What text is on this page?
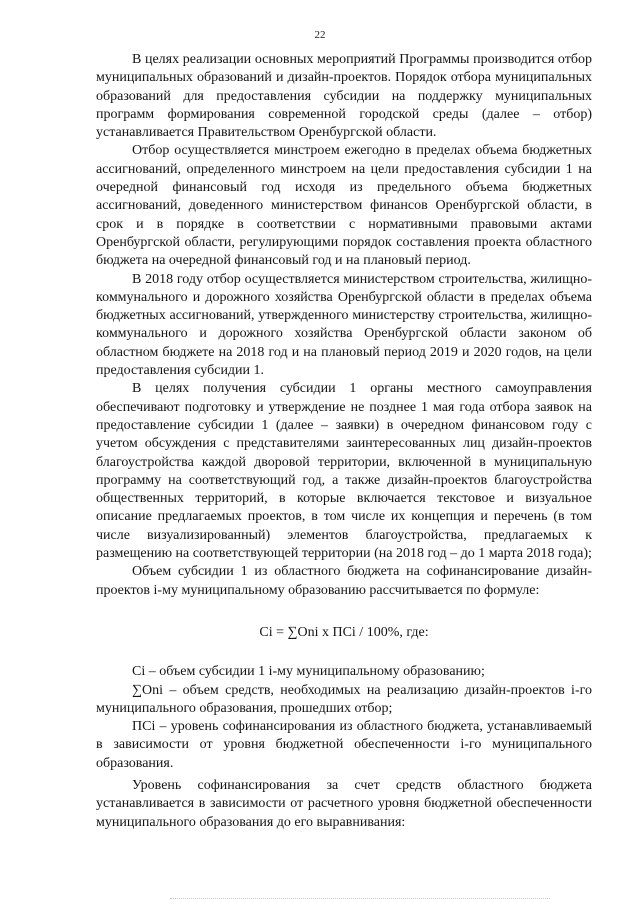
22

В целях реализации основных мероприятий Программы производится отбор муниципальных образований и дизайн-проектов. Порядок отбора муниципальных образований для предоставления субсидии на поддержку муниципальных программ формирования современной городской среды (далее – отбор) устанавливается Правительством Оренбургской области.

Отбор осуществляется минстроем ежегодно в пределах объема бюджетных ассигнований, определенного минстроем на цели предоставления субсидии 1 на очередной финансовый год исходя из предельного объема бюджетных ассигнований, доведенного министерством финансов Оренбургской области, в срок и в порядке в соответствии с нормативными правовыми актами Оренбургской области, регулирующими порядок составления проекта областного бюджета на очередной финансовый год и на плановый период.

В 2018 году отбор осуществляется министерством строительства, жилищно-коммунального и дорожного хозяйства Оренбургской области в пределах объема бюджетных ассигнований, утвержденного министерству строительства, жилищно-коммунального и дорожного хозяйства Оренбургской области законом об областном бюджете на 2018 год и на плановый период 2019 и 2020 годов, на цели предоставления субсидии 1.

В целях получения субсидии 1 органы местного самоуправления обеспечивают подготовку и утверждение не позднее 1 мая года отбора заявок на предоставление субсидии 1 (далее – заявки) в очередном финансовом году с учетом обсуждения с представителями заинтересованных лиц дизайн-проектов благоустройства каждой дворовой территории, включенной в муниципальную программу на соответствующий год, а также дизайн-проектов благоустройства общественных территорий, в которые включается текстовое и визуальное описание предлагаемых проектов, в том числе их концепция и перечень (в том числе визуализированный) элементов благоустройства, предлагаемых к размещению на соответствующей территории (на 2018 год – до 1 марта 2018 года);

Объем субсидии 1 из областного бюджета на софинансирование дизайн-проектов i-му муниципальному образованию рассчитывается по формуле:

Ci = ∑Oni x ПCi / 100%, где:

Ci – объем субсидии 1 i-му муниципальному образованию;

∑Oni – объем средств, необходимых на реализацию дизайн-проектов i-го муниципального образования, прошедших отбор;

ПСi – уровень софинансирования из областного бюджета, устанавливаемый в зависимости от уровня бюджетной обеспеченности i-го муниципального образования.

Уровень софинансирования за счет средств областного бюджета устанавливается в зависимости от расчетного уровня бюджетной обеспеченности муниципального образования до его выравнивания:
